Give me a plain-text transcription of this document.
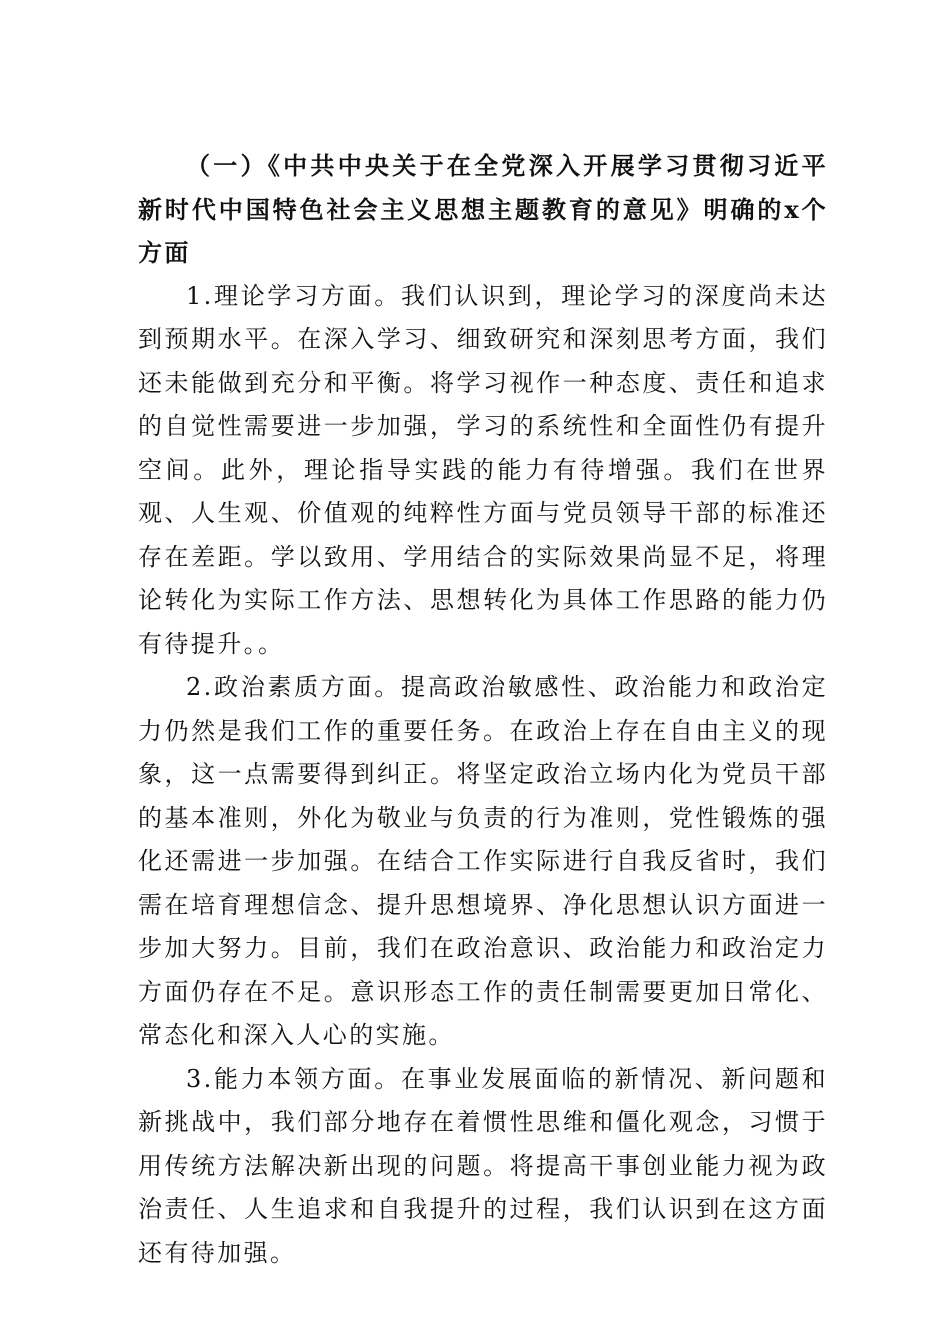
（一）《中共中央关于在全党深入开展学习贯彻习近平新时代中国特色社会主义思想主题教育的意见》明确的x个方面

1.理论学习方面。我们认识到，理论学习的深度尚未达到预期水平。在深入学习、细致研究和深刻思考方面，我们还未能做到充分和平衡。将学习视作一种态度、责任和追求的自觉性需要进一步加强，学习的系统性和全面性仍有提升空间。此外，理论指导实践的能力有待增强。我们在世界观、人生观、价值观的纯粹性方面与党员领导干部的标准还存在差距。学以致用、学用结合的实际效果尚显不足，将理论转化为实际工作方法、思想转化为具体工作思路的能力仍有待提升。。

2.政治素质方面。提高政治敏感性、政治能力和政治定力仍然是我们工作的重要任务。在政治上存在自由主义的现象，这一点需要得到纠正。将坚定政治立场内化为党员干部的基本准则，外化为敬业与负责的行为准则，党性锻炼的强化还需进一步加强。在结合工作实际进行自我反省时，我们需在培育理想信念、提升思想境界、净化思想认识方面进一步加大努力。目前，我们在政治意识、政治能力和政治定力方面仍存在不足。意识形态工作的责任制需要更加日常化、常态化和深入人心的实施。

3.能力本领方面。在事业发展面临的新情况、新问题和新挑战中，我们部分地存在着惯性思维和僵化观念，习惯于用传统方法解决新出现的问题。将提高干事创业能力视为政治责任、人生追求和自我提升的过程，我们认识到在这方面还有待加强。
